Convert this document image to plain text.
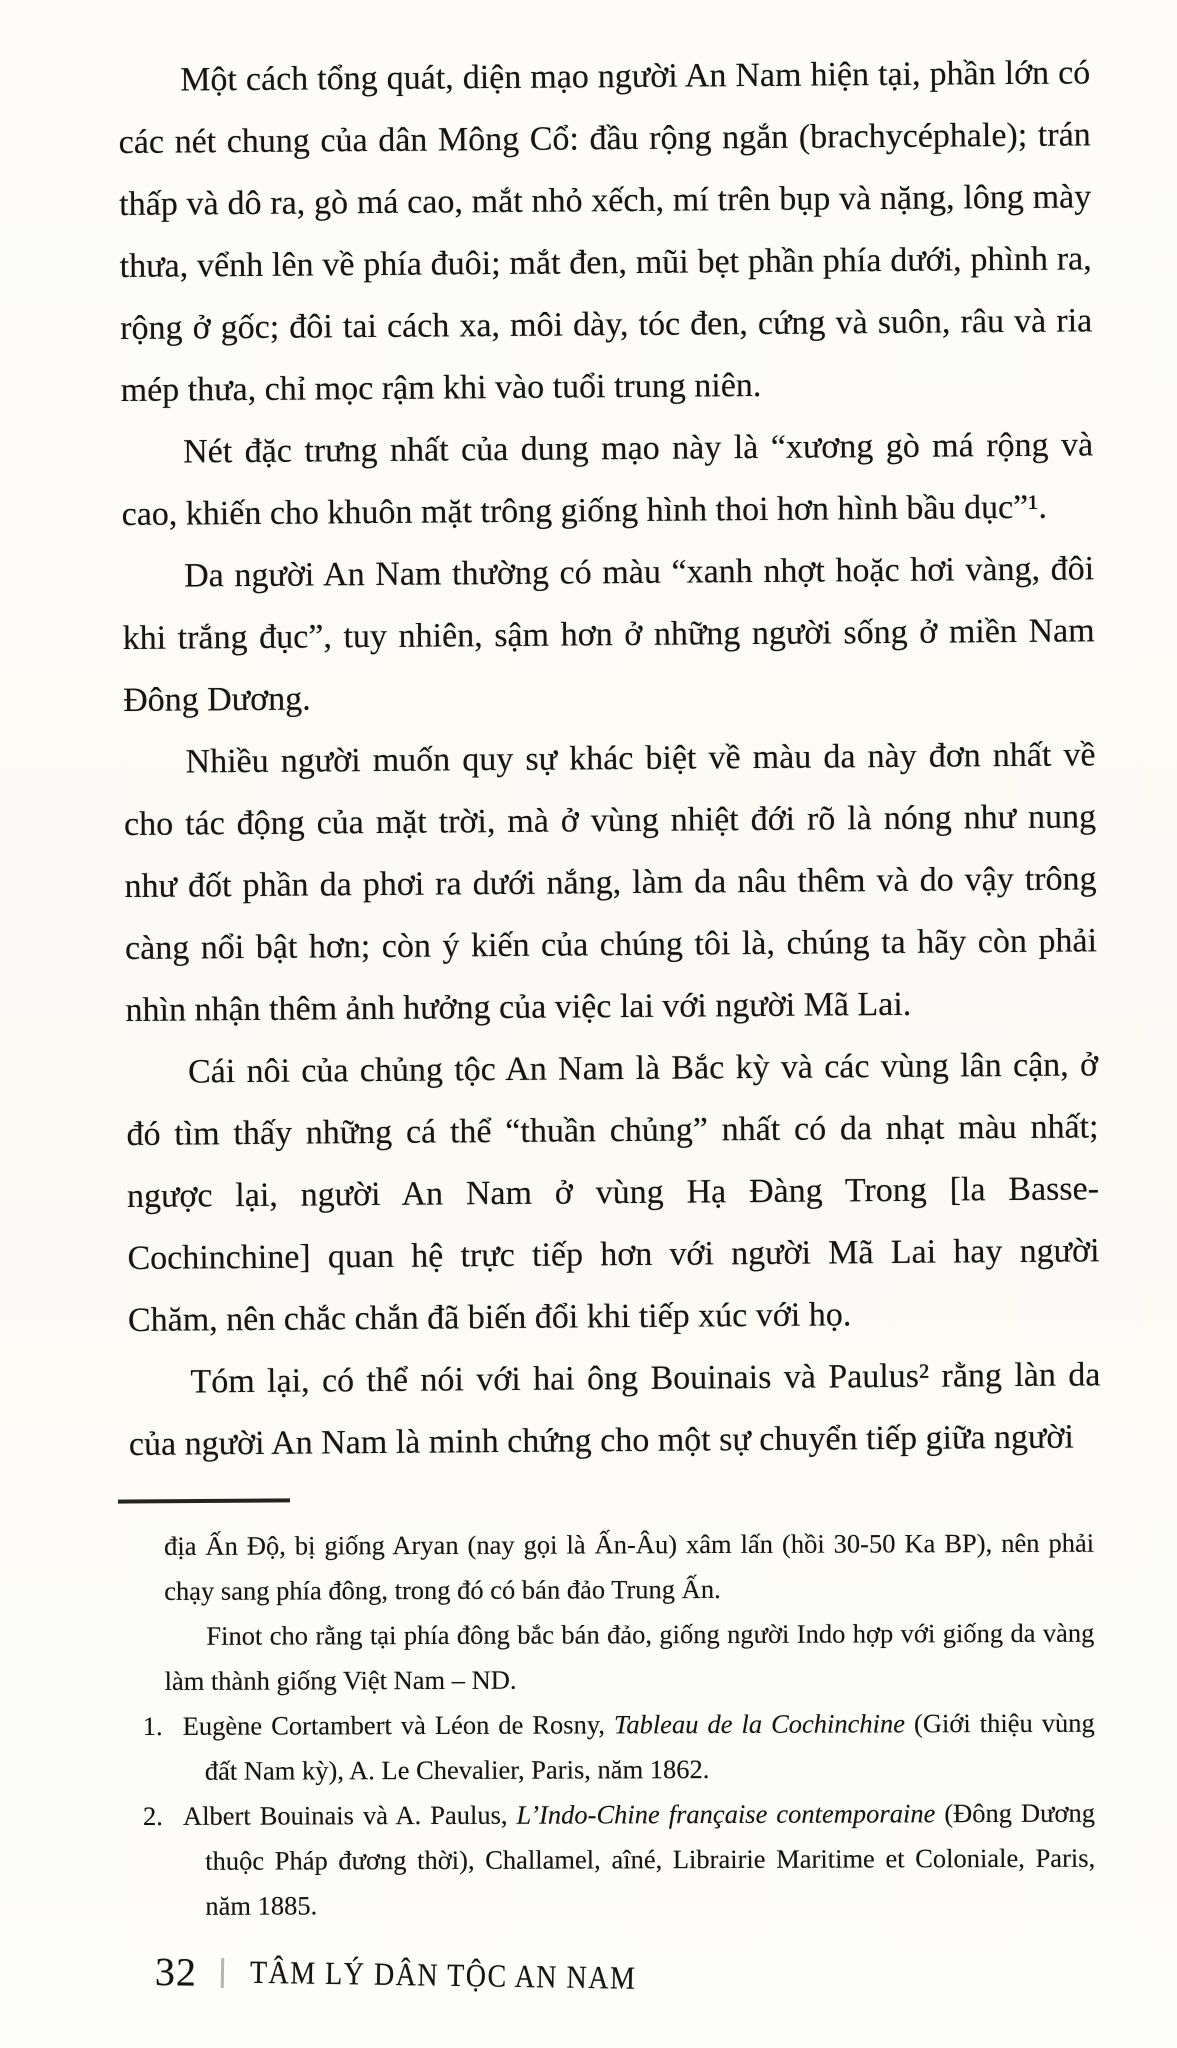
Một cách tổng quát, diện mạo người An Nam hiện tại, phần lớn có các nét chung của dân Mông Cổ: đầu rộng ngắn (brachycéphale); trán thấp và dô ra, gò má cao, mắt nhỏ xếch, mí trên bụp và nặng, lông mày thưa, vểnh lên về phía đuôi; mắt đen, mũi bẹt phần phía dưới, phình ra, rộng ở gốc; đôi tai cách xa, môi dày, tóc đen, cứng và suôn, râu và ria mép thưa, chỉ mọc rậm khi vào tuổi trung niên.

Nét đặc trưng nhất của dung mạo này là “xương gò má rộng và cao, khiến cho khuôn mặt trông giống hình thoi hơn hình bầu dục”¹.

Da người An Nam thường có màu “xanh nhợt hoặc hơi vàng, đôi khi trắng đục”, tuy nhiên, sậm hơn ở những người sống ở miền Nam Đông Dương.

Nhiều người muốn quy sự khác biệt về màu da này đơn nhất về cho tác động của mặt trời, mà ở vùng nhiệt đới rõ là nóng như nung như đốt phần da phơi ra dưới nắng, làm da nâu thêm và do vậy trông càng nổi bật hơn; còn ý kiến của chúng tôi là, chúng ta hãy còn phải nhìn nhận thêm ảnh hưởng của việc lai với người Mã Lai.

Cái nôi của chủng tộc An Nam là Bắc kỳ và các vùng lân cận, ở đó tìm thấy những cá thể “thuần chủng” nhất có da nhạt màu nhất; ngược lại, người An Nam ở vùng Hạ Đàng Trong [la Basse-Cochinchine] quan hệ trực tiếp hơn với người Mã Lai hay người Chăm, nên chắc chắn đã biến đổi khi tiếp xúc với họ.

Tóm lại, có thể nói với hai ông Bouinais và Paulus² rằng làn da của người An Nam là minh chứng cho một sự chuyển tiếp giữa người

địa Ấn Độ, bị giống Aryan (nay gọi là Ấn-Âu) xâm lấn (hồi 30-50 Ka BP), nên phải chạy sang phía đông, trong đó có bán đảo Trung Ấn.

Finot cho rằng tại phía đông bắc bán đảo, giống người Indo hợp với giống da vàng làm thành giống Việt Nam – ND.

1. Eugène Cortambert và Léon de Rosny, Tableau de la Cochinchine (Giới thiệu vùng đất Nam kỳ), A. Le Chevalier, Paris, năm 1862.

2. Albert Bouinais và A. Paulus, L’Indo-Chine française contemporaine (Đông Dương thuộc Pháp đương thời), Challamel, aîné, Librairie Maritime et Coloniale, Paris, năm 1885.

32 TÂM LÝ DÂN TỘC AN NAM
